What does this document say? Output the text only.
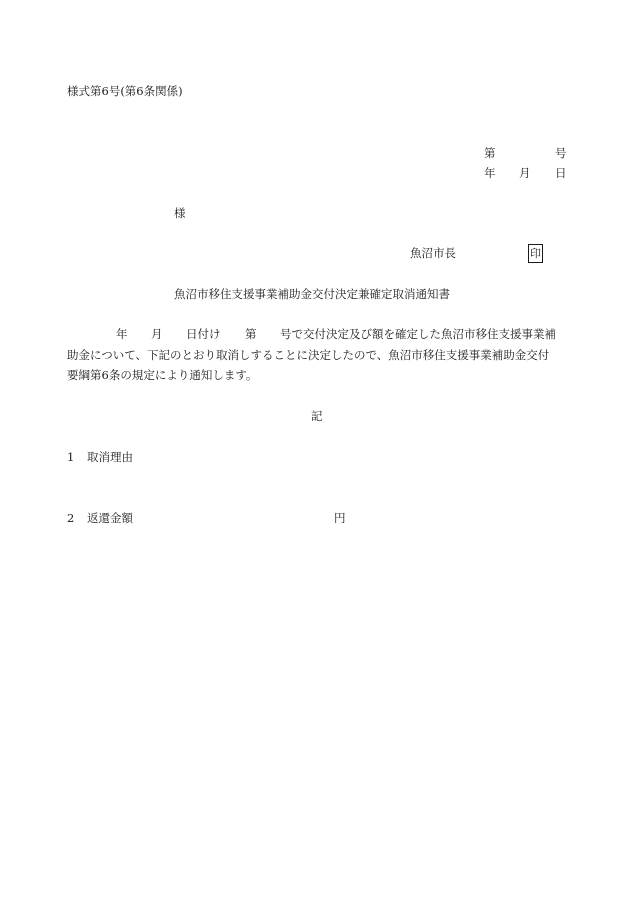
様式第6号(第6条関係)
第	号
年 月 日
様
魚沼市長	印
魚沼市移住支援事業補助金交付決定兼確定取消通知書
年 月 日付け 第 号で交付決定及び額を確定した魚沼市移住支援事業補
助金について、下記のとおり取消しすることに決定したので、魚沼市移住支援事業補助金交付
要綱第6条の規定により通知します。
記
1 取消理由
2 返還金額	円
